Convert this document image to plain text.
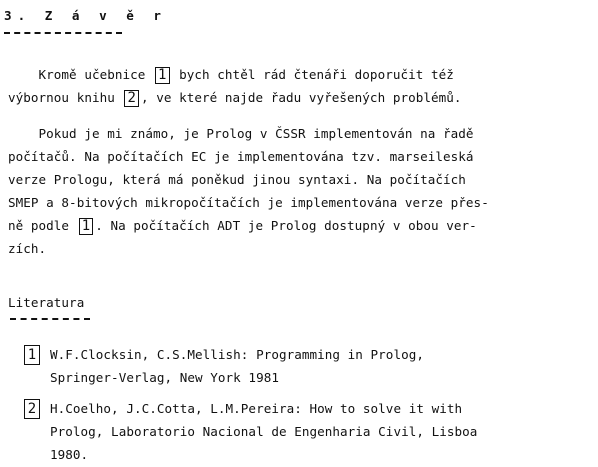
3. Z á v ě r
Kromě učebnice 1 bych chtěl rád čtenáři doporučit též
výbornou knihu 2 , ve které najde řadu vyřešených problémů.
Pokud je mi známo, je Prolog v ČSSR implementován na řadě
počítačů. Na počítačích EC je implementována tzv. marseileská
verze Prologu, která má poněkud jinou syntaxi. Na počítačích
SMEP a 8-bitových mikropočítačích je implementována verze přes-
ně podle 1 . Na počítačích ADT je Prolog dostupný v obou ver-
zích.
Literatura
1 W.F.Clocksin, C.S.Mellish: Programming in Prolog,
Springer-Verlag, New York 1981
2 H.Coelho, J.C.Cotta, L.M.Pereira: How to solve it with
Prolog, Laboratorio Nacional de Engenharia Civil, Lisboa
1980.
